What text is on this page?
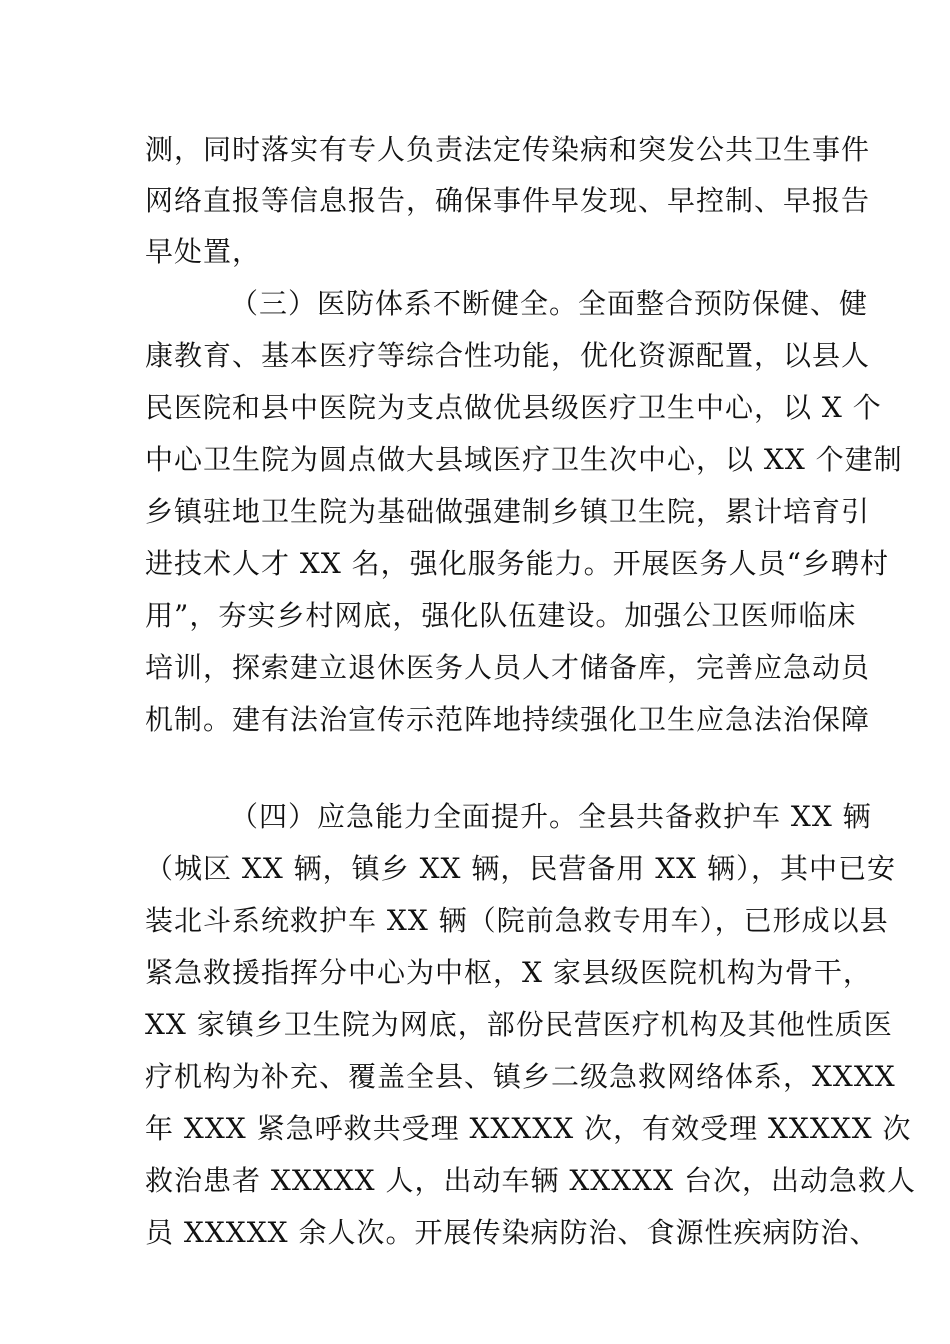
测，同时落实有专人负责法定传染病和突发公共卫生事件
网络直报等信息报告，确保事件早发现、早控制、早报告
早处置，
（三）医防体系不断健全。全面整合预防保健、健
康教育、基本医疗等综合性功能，优化资源配置，以县人
民医院和县中医院为支点做优县级医疗卫生中心，以 X 个
中心卫生院为圆点做大县域医疗卫生次中心，以 XX 个建制
乡镇驻地卫生院为基础做强建制乡镇卫生院，累计培育引
进技术人才 XX 名，强化服务能力。开展医务人员“乡聘村
用”，夯实乡村网底，强化队伍建设。加强公卫医师临床
培训，探索建立退休医务人员人才储备库，完善应急动员
机制。建有法治宣传示范阵地持续强化卫生应急法治保障
（四）应急能力全面提升。全县共备救护车 XX 辆
（城区 XX 辆，镇乡 XX 辆，民营备用 XX 辆），其中已安
装北斗系统救护车 XX 辆（院前急救专用车），已形成以县
紧急救援指挥分中心为中枢，X 家县级医院机构为骨干，
XX 家镇乡卫生院为网底，部份民营医疗机构及其他性质医
疗机构为补充、覆盖全县、镇乡二级急救网络体系，XXXX
年 XXX 紧急呼救共受理 XXXXX 次，有效受理 XXXXX 次
救治患者 XXXXX 人，出动车辆 XXXXX 台次，出动急救人
员 XXXXX 余人次。开展传染病防治、食源性疾病防治、
